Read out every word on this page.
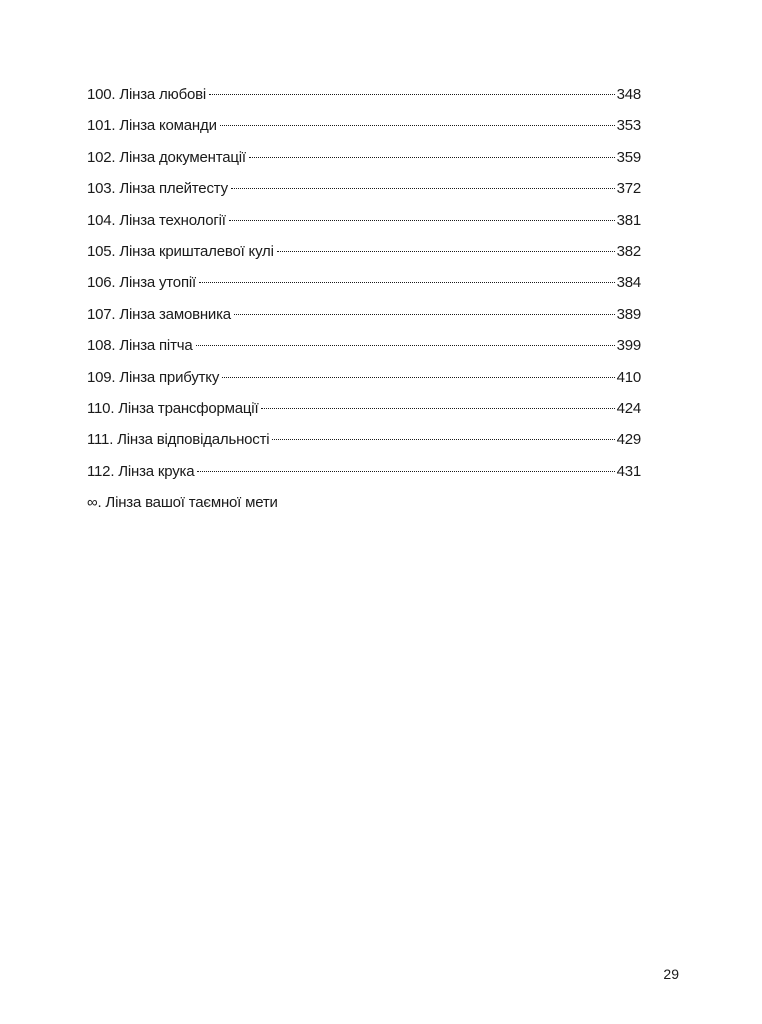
100. Лінза любові	348
101. Лінза команди	353
102. Лінза документації	359
103. Лінза плейтесту	372
104. Лінза технології	381
105. Лінза кришталевої кулі	382
106. Лінза утопії	384
107. Лінза замовника	389
108. Лінза пітча	399
109. Лінза прибутку	410
110. Лінза трансформації	424
111. Лінза відповідальності	429
112. Лінза крука	431
∞. Лінза вашої таємної мети
29
